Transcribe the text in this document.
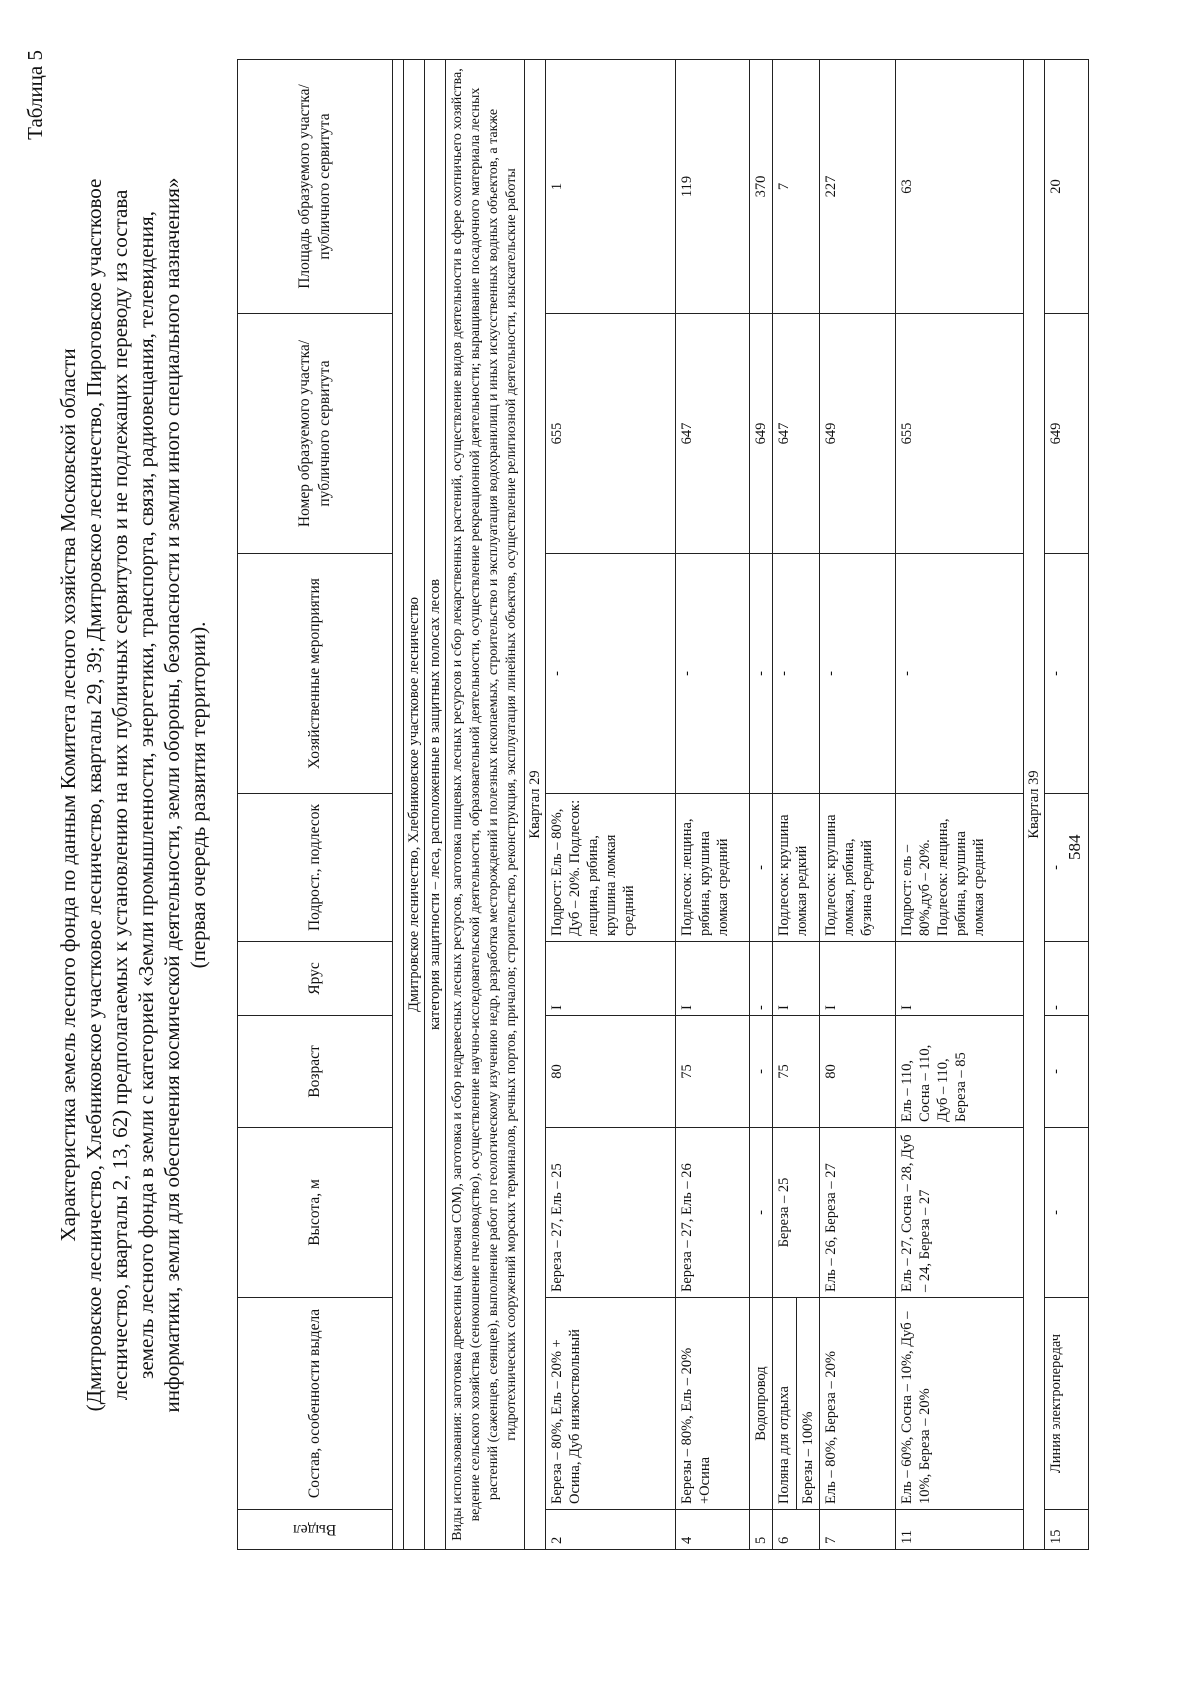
584
Таблица 5
Характеристика земель лесного фонда по данным Комитета лесного хозяйства Московской области (Дмитровское лесничество, Хлебниковское участковое лесничество, кварталы 29, 39; Дмитровское лесничество, Пироговское участковое лесничество, кварталы 2, 13, 62) предполагаемых к установлению на них публичных сервитутов и не подлежащих переводу из состава земель лесного фонда в земли с категорией «Земли промышленности, энергетики, транспорта, связи, радиовещания, телевидения, информатики, земли для обеспечения космической деятельности, земли обороны, безопасности и земли иного специального назначения» (первая очередь развития территории).
Выдел	Состав, особенности выдела	Высота, м	Возраст	Ярус	Подрост., подлесок	Хозяйственные мероприятия	Номер образуемого участка/ публичного сервитута	Площадь образуемого участка/ публичного сервитута

Дмитровское лесничество, Хлебниковское участковое лесничество								
категория защитности – леса, расположенные в защитных полосах лесов								
Виды использования: заготовка древесины (включая СОМ), заготовка и сбор недревесных лесных ресурсов, заготовка пищевых лесных ресурсов и сбор лекарственных растений, осуществление видов деятельности в сфере охотничьего хозяйства, ведение сельского хозяйства (сенокошение пчеловодство), осуществление научно-исследовательской деятельности, образовательной деятельности, осуществление рекреационной деятельности; выращивание посадочного материала лесных растений (саженцев, сеянцев), выполнение работ по геологическому изучению недр, разработка месторождений и полезных ископаемых, строительство и эксплуатация водохранилищ и иных искусственных водных объектов, а также гидротехнических сооружений морских терминалов, речных портов, причалов; строительство, реконструкция, эксплуатация линейных объектов, осуществление религиозной деятельности, изыскательские работы								
Квартал 29								
2	Береза – 80%, Ель – 20% + Осина, Дуб низкоствольный	Береза – 27, Ель – 25	80	I	Подрост: Ель – 80%, Дуб – 20%. Подлесок: лещина, рябина, крушина ломкая средний	-	655	1
4	Березы – 80%, Ель – 20% +Осина	Береза – 27, Ель – 26	75	I	Подлесок: лещина, рябина, крушина ломкая средний	-	647	119
5	Водопровод	-	-	-	-	-	649	370
6	Поляна для отдыха Березы – 100%	Береза – 25	75	I	Подлесок: крушина ломкая редкий	-	647	7
7	Ель – 80%, Береза – 20%	Ель – 26, Береза – 27	80	I	Подлесок: крушина ломкая, рябина, бузина средний	-	649	227
11	Ель – 60%, Сосна – 10%, Дуб – 10%, Береза – 20%	Ель – 27, Сосна – 28, Дуб – 24, Береза – 27	Ель – 110, Сосна – 110, Дуб – 110, Береза – 85	I	Подрост: ель – 80%,дуб – 20%. Подлесок: лещина, рябина, крушина ломкая средний	-	655	63
Квартал 39								
15	Линия электропередач	-	-	-	-	-	649	20
